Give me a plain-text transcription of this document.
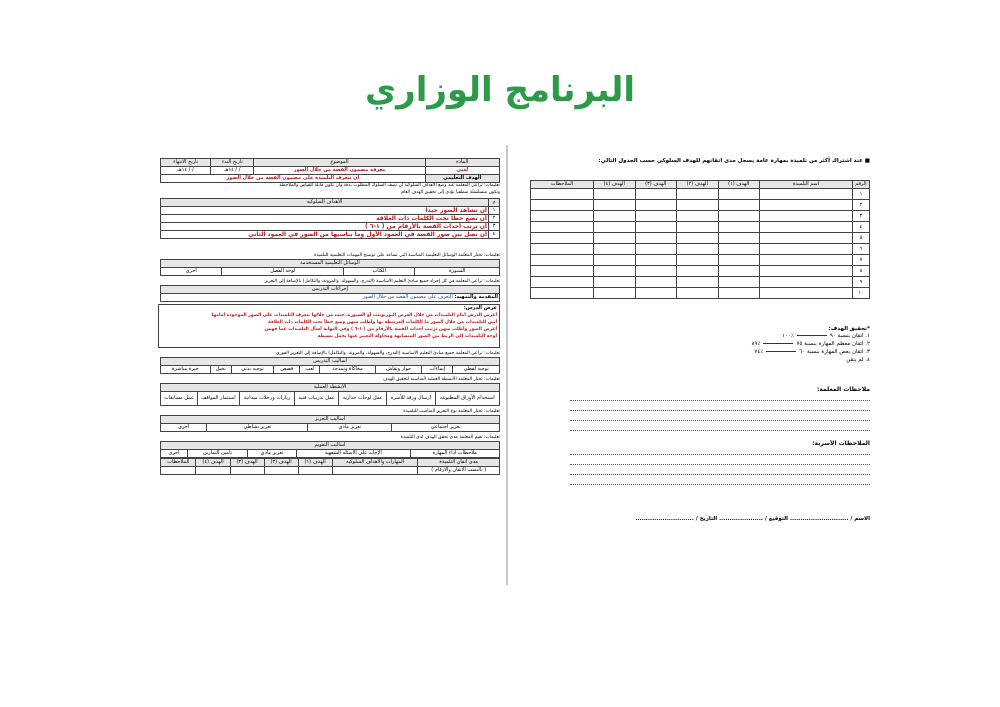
البرنامج الوزاري
المادة	الموضوع	تاريخ البدء	تاريخ الانتهاء
لغتي	معرفة مضمون القصة من خلال الصور	/ / ١٤هـ	/ / ١٤هـ
الهدف التعليمي	أن تتعرف التلميذة على مضمون القصة من خلال الصور		
تعليمات: تراعي المعلمة عند وضع الأهداف السلوكية أن تصف السلوك المطلوب بدقة وأن تكون قابلة للقياس والملاحظة
وتكون متسلسلة منطقياً تؤدي إلى تحقيق الهدف العام
م	الأهداف السلوكية
١	أن تشاهد الصور جيداً
٢	أن تضع خطاً تحت الكلمات ذات العلاقة
٣	أن ترتب أحداث القصة بالأرقام من ( ١-٦ )
٤	أن تصل بين صور القصة في العمود الأول وما يناسبها من الصور في العمود الثاني
تعليمات: تختار المعلمة الوسائل التعليمية المناسبة التي تساعد على توضيح المهمات التعليمية للتلميذة
الوسائل التعليمية المستخدمة
السبورة	الكتاب	لوحة الفصل	أخرى
تعليمات: تراعي المعلمة في كل إجراء جميع مبادئ التعليم الأساسية (التدرج، والسهولة، والمرونة، والتكامل) بالإضافة إلى التعزيز
إجراءات التدريس
المقدمة والتمهيد: التعرف على مضمون القصة من خلال الصور
عرض الدرس:
أعرض الدرس أمام التلميذات من خلال العرض البوربوينت أو السبورة، حيث من خلالها تتعرف التلميذات على الصور الموجودة أمامها
أبين للتلميذات من خلال الصور ما الكلمات المرتبطة بها وأطلب منهن وضع خطاً تحت الكلمات ذات العلاقة
أعرض الصور وأطلب منهن ترتيب أحداث القصة بالأرقام من ( ١-٦ ) وفي النهاية أسأل التلميذات عما فهمن
أوجه التلميذات إلى الربط بين الصور المتشابهة ومحاولة التعبير عنها بجمل بسيطة
تعليمات: تراعي المعلمة جميع مبادئ التعليم الأساسية (التدرج، والسهولة، والمرونة، والتكامل) بالإضافة إلى التعزيز الفوري
أساليب التدريس
توجيه لفظي	إيماءات	حوار ونقاش	محاكاة ونمذجة	لعب	قصص	توجيه بدني	تخيل	خبرة مباشرة
تعليمات: تختار المعلمة الأنشطة العملية المناسبة لتحقيق الهدف
الأنشطة العملية
استخدام الأوراق المطبوعة	ارسال ورقة للأسرة	عمل لوحات جدارية	عمل تدريبات فنية	زيارات ورحلات ميدانية	استثمار المواقف	عمل مسابقات
تعليمات: تختار المعلمة نوع التعزيز المناسب للتلميذة
أساليب التعزيز
تعزيز اجتماعي	تعزيز مادي	تعزيز نشاطي	أخرى
تعليمات: تقيم المعلمة مدى تحقق الهدف لدى التلميذة
أساليب التقويم
ملاحظات أداء المهارة	الإجابة على الأسئلة الشفهية	تعزيز مادي	تأمين التمارين	أخرى
مدى اتقان التلميذة	المهارات والأهداف السلوكية	الهدف (١)	الهدف (٢)	الهدف (٣)	الهدف (٤)	الملاحظات
( بالنسب الاتقان والأرقام )						
■ عند اشتراك أكثر من تلميذة بمهارة عامة يسجل مدى اتقانهم للهدف السلوكي حسب الجدول التالي:
الرقم	اسم التلميذة	الهدف (١)	الهدف (٢)	الهدف (٣)	الهدف (٤)	الملاحظات
١						
٢						
٣						
٤						
٥						
٦						
٧						
٨						
٩						
١٠						
*تحقيق الهدف:
١. اتقان بنسبة ٩٠٪١٠٠
٢. اتقان معظم المهارة بنسبة ٧٥٪٨٩
٣. اتقان بعض المهارة بنسبة ٦٠٪٧٤
٤. لم يتقن
ملاحظات المعلمة:
الملاحظات الأسرية:
الاسم / ............................ التوقيع / ..................... التاريخ / ............................
